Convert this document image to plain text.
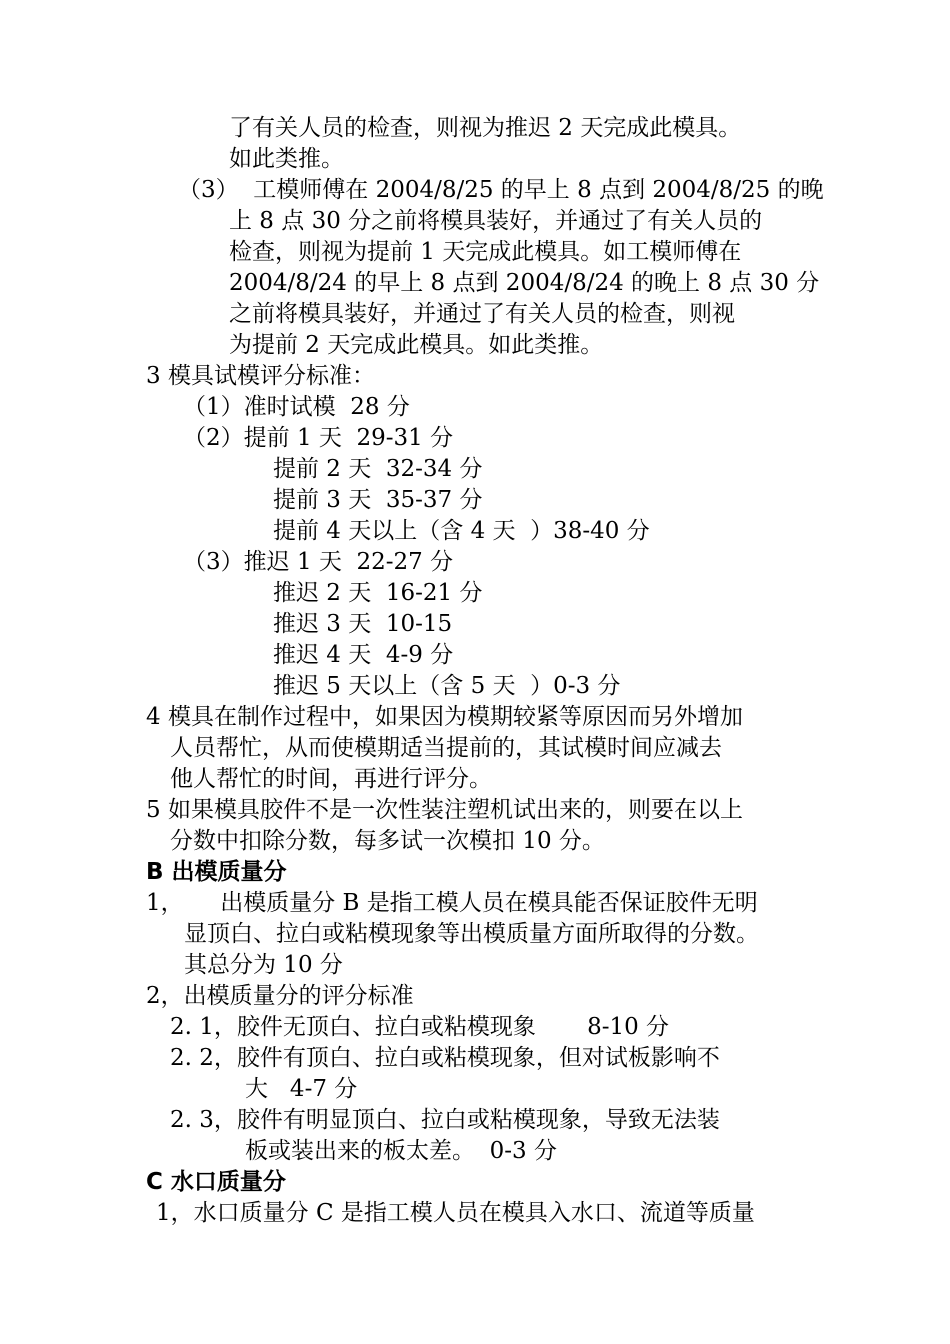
了有关人员的检查，则视为推迟 2 天完成此模具。
如此类推。
（3）  工模师傅在 2004/8/25 的早上 8 点到 2004/8/25 的晚
上 8 点 30 分之前将模具装好，并通过了有关人员的
检查，则视为提前 1 天完成此模具。如工模师傅在
2004/8/24 的早上 8 点到 2004/8/24 的晚上 8 点 30 分
之前将模具装好，并通过了有关人员的检查，则视
为提前 2 天完成此模具。如此类推。
3 模具试模评分标准：
（1）准时试模  28 分
（2）提前 1 天  29-31 分
提前 2 天  32-34 分
提前 3 天  35-37 分
提前 4 天以上（含 4 天  ）38-40 分
（3）推迟 1 天  22-27 分
推迟 2 天  16-21 分
推迟 3 天  10-15
推迟 4 天  4-9 分
推迟 5 天以上（含 5 天  ）0-3 分
4 模具在制作过程中，如果因为模期较紧等原因而另外增加
人员帮忙，从而使模期适当提前的，其试模时间应减去
他人帮忙的时间，再进行评分。
5 如果模具胶件不是一次性装注塑机试出来的，则要在以上
分数中扣除分数，每多试一次模扣 10 分。
B 出模质量分
1，     出模质量分 B 是指工模人员在模具能否保证胶件无明
显顶白、拉白或粘模现象等出模质量方面所取得的分数。
其总分为 10 分
2，出模质量分的评分标准
2. 1，胶件无顶白、拉白或粘模现象       8-10 分
2. 2，胶件有顶白、拉白或粘模现象，但对试板影响不
大   4-7 分
2. 3，胶件有明显顶白、拉白或粘模现象，导致无法装
板或装出来的板太差。  0-3 分
C 水口质量分
1，水口质量分 C 是指工模人员在模具入水口、流道等质量
